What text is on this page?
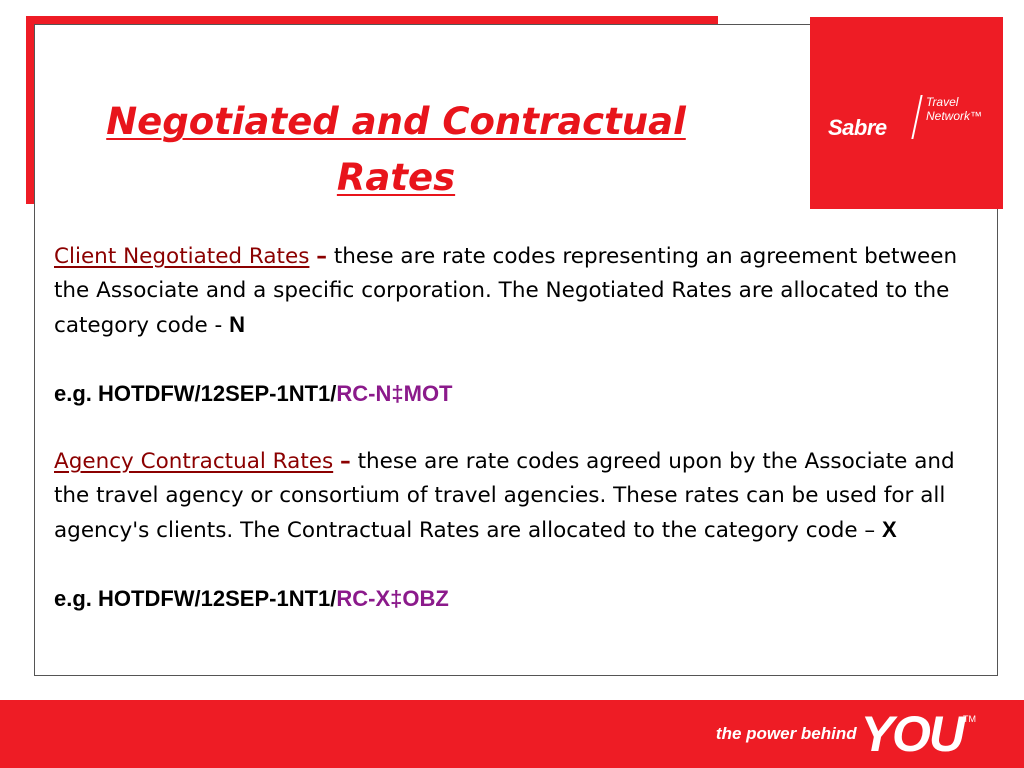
Sabre
Travel
Network™
Negotiated and Contractual
Rates

Client Negotiated Rates – these are rate codes representing an agreement between the Associate and a specific corporation. The Negotiated Rates are allocated to the category code - N

e.g. HOTDFW/12SEP-1NT1/RC-N‡MOT

Agency Contractual Rates – these are rate codes agreed upon by the Associate and the travel agency or consortium of travel agencies. These rates can be used for all agency's clients. The Contractual Rates are allocated to the category code – X

e.g. HOTDFW/12SEP-1NT1/RC-X‡OBZ

the power behind YOU TM
